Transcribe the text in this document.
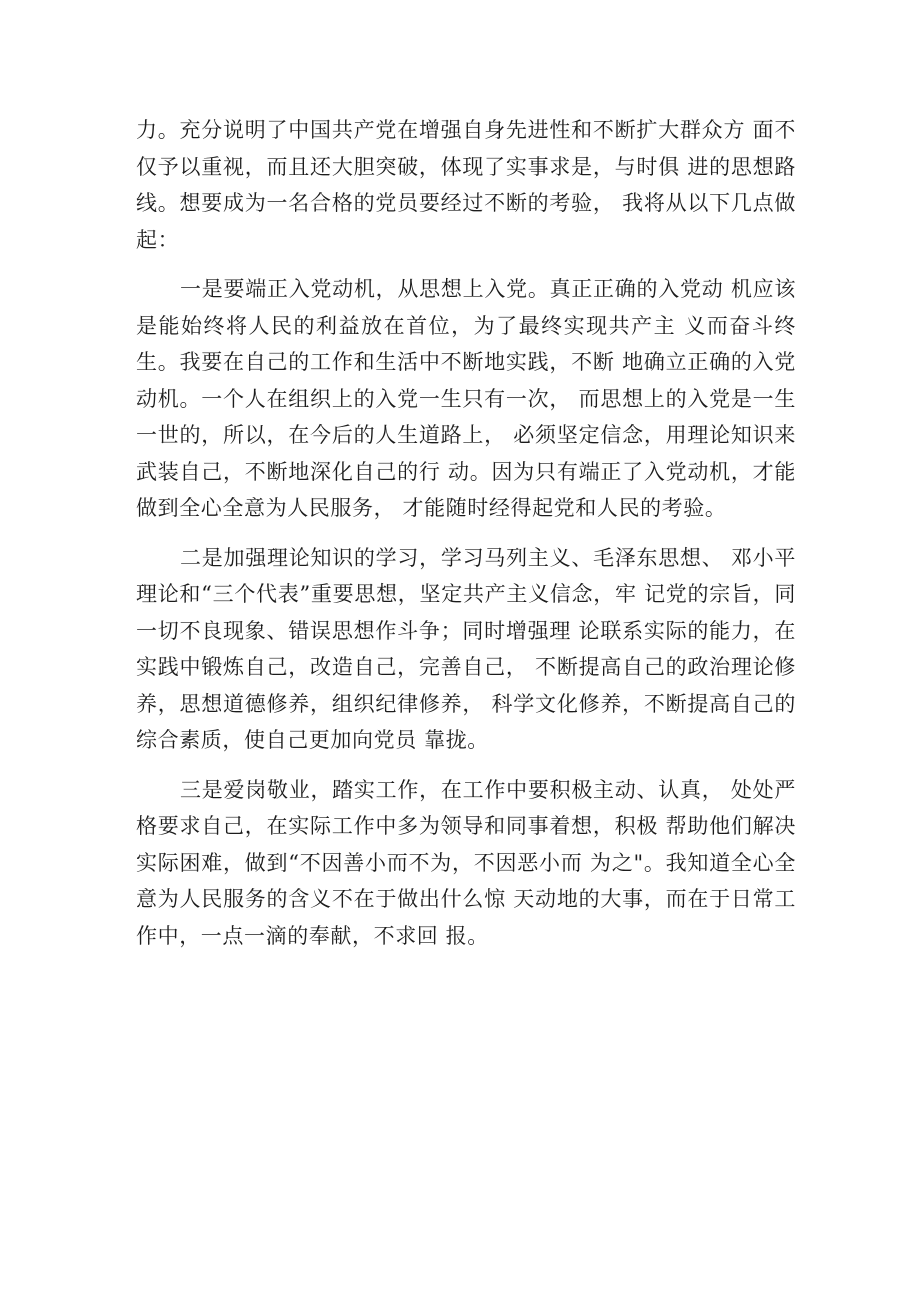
力。充分说明了中国共产党在增强自身先进性和不断扩大群众方 面不仅予以重视，而且还大胆突破，体现了实事求是，与时俱 进的思想路线。想要成为一名合格的党员要经过不断的考验， 我将从以下几点做起：

一是要端正入党动机，从思想上入党。真正正确的入党动 机应该是能始终将人民的利益放在首位，为了最终实现共产主 义而奋斗终生。我要在自己的工作和生活中不断地实践，不断 地确立正确的入党动机。一个人在组织上的入党一生只有一次， 而思想上的入党是一生一世的，所以，在今后的人生道路上， 必须坚定信念，用理论知识来武装自己，不断地深化自己的行 动。因为只有端正了入党动机，才能做到全心全意为人民服务， 才能随时经得起党和人民的考验。

二是加强理论知识的学习，学习马列主义、毛泽东思想、 邓小平理论和“三个代表”重要思想，坚定共产主义信念，牢 记党的宗旨，同一切不良现象、错误思想作斗争；同时增强理 论联系实际的能力，在实践中锻炼自己，改造自己，完善自己， 不断提高自己的政治理论修养，思想道德修养，组织纪律修养， 科学文化修养，不断提高自己的综合素质，使自己更加向党员 靠拢。

三是爱岗敬业，踏实工作，在工作中要积极主动、认真， 处处严格要求自己，在实际工作中多为领导和同事着想，积极 帮助他们解决实际困难，做到“不因善小而不为，不因恶小而 为之"。我知道全心全意为人民服务的含义不在于做出什么惊 天动地的大事，而在于日常工作中，一点一滴的奉献，不求回 报。
